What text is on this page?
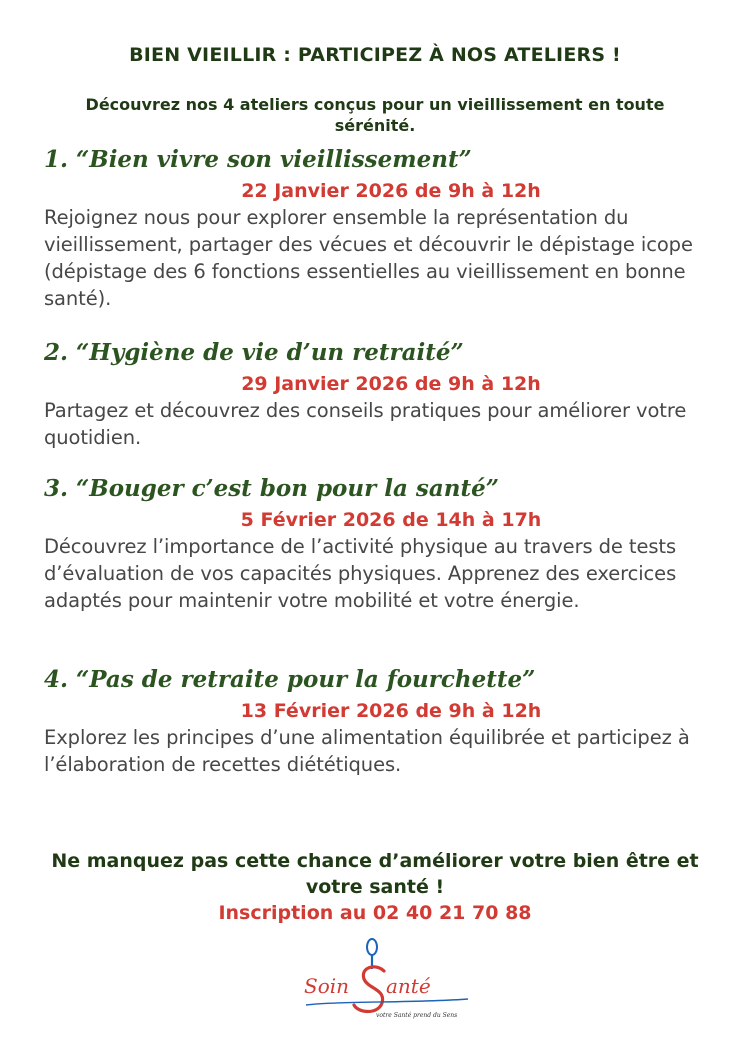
BIEN VIEILLIR : PARTICIPEZ À NOS ATELIERS !
Découvrez nos 4 ateliers conçus pour un vieillissement en toute sérénité.
1. “Bien vivre son vieillissement”
22 Janvier 2026 de 9h à 12h
Rejoignez nous pour explorer ensemble la représentation du vieillissement, partager des vécues et découvrir le dépistage icope (dépistage des 6 fonctions essentielles au vieillissement en bonne santé).
2. “Hygiène de vie d’un retraité”
29 Janvier 2026 de 9h à 12h
Partagez et découvrez des conseils pratiques pour améliorer votre quotidien.
3. “Bouger c’est bon pour la santé”
5 Février 2026 de 14h à 17h
Découvrez l’importance de l’activité physique au travers de tests d’évaluation de vos capacités physiques. Apprenez des exercices adaptés pour maintenir votre mobilité et votre énergie.
4. “Pas de retraite pour la fourchette”
13 Février 2026 de 9h à 12h
Explorez les principes d’une alimentation équilibrée et participez à l’élaboration de recettes diététiques.
Ne manquez pas cette chance d’améliorer votre bien être et votre santé !
Inscription au 02 40 21 70 88
Soin anté
votre Santé prend du Sens
